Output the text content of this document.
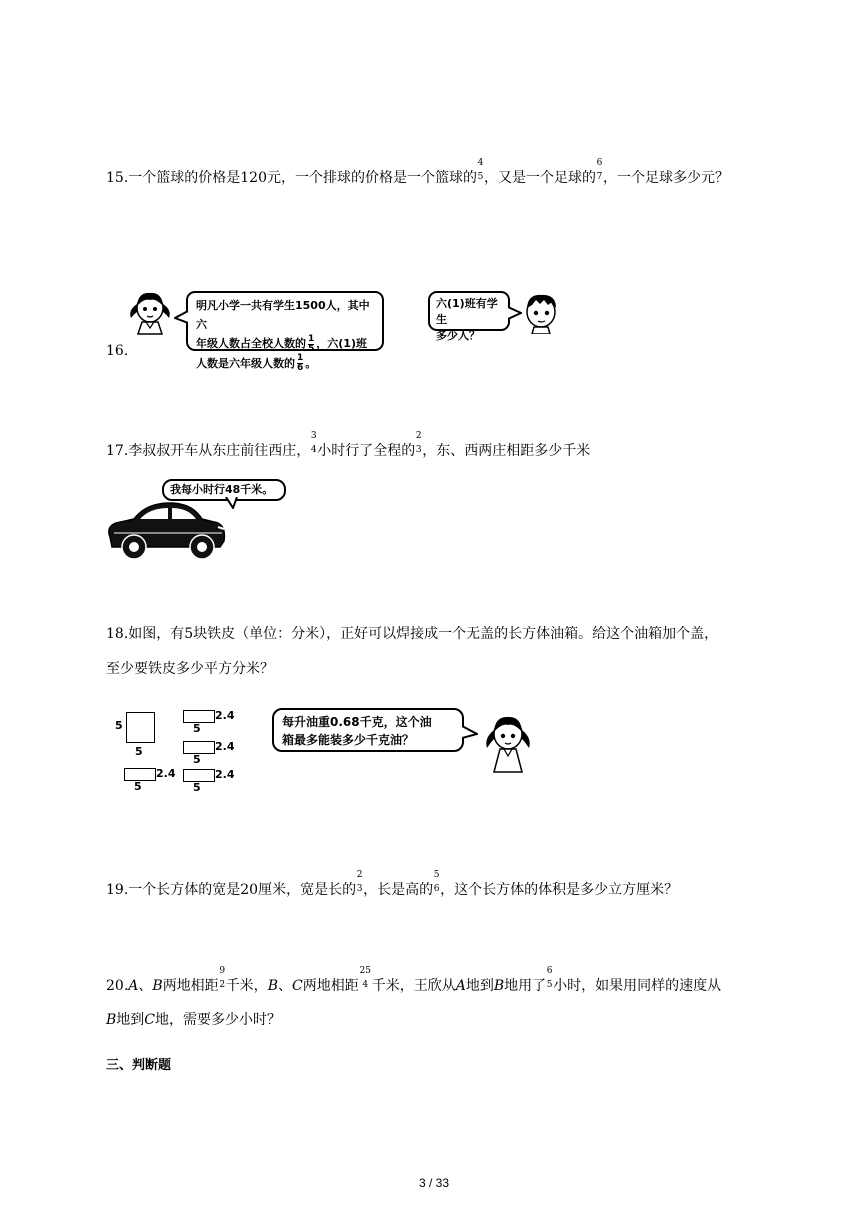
15.一个篮球的价格是120元，一个排球的价格是一个篮球的
4
5 ，又是一个足球的
6
7 ，一个足球多少元？
16.
明凡小学一共有学生1500人，其中六
年级人数占全校人数的 $\frac{1}{5}$ ，六(1)班
人数是六年级人数的 $\frac{1}{6}$ 。
六(1)班有学生
多少人？
17.李叔叔开车从东庄前往西庄，
3
4 小时行了全程的
2
3 ，东、西两庄相距多少千米
我每小时行48千米。
18.如图，有5块铁皮（单位：分米），正好可以焊接成一个无盖的长方体油箱。给这个油箱加个盖，
至少要铁皮多少平方分米？
5
5
2.4
5
2.4
5
2.4
5
2.4
5
每升油重0.68千克，这个油
箱最多能装多少千克油？
19.一个长方体的宽是20厘米，宽是长的
2
3 ，长是高的
5
6 ，这个长方体的体积是多少立方厘米？
20.A、B两地相距
9
2 千米，B、C两地相距
25
4 千米，王欣从A地到B地用了
6
5 小时，如果用同样的速度从
B地到C地，需要多少小时？
三、判断题
3 / 33
